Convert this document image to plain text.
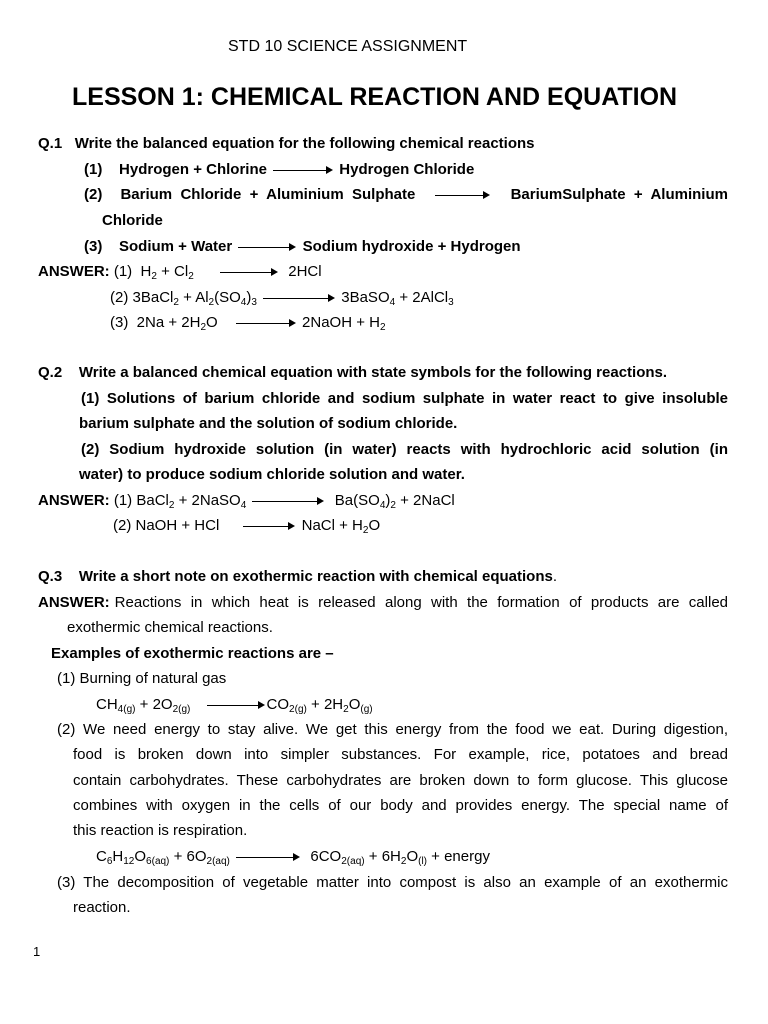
STD 10 SCIENCE ASSIGNMENT
LESSON 1: CHEMICAL REACTION AND EQUATION
Q.1 Write the balanced equation for the following chemical reactions
(1) Hydrogen + Chlorine	Hydrogen Chloride
(2) Barium  Chloride  +  Aluminium  Sulphate	BariumSulphate  +  Aluminium
Chloride
(3) Sodium + Water	Sodium hydroxide + Hydrogen
ANSWER: (1)  $H_2 + Cl_2$	2HCl
(2) 3BaCl$_2$ + $Al_2(SO_4)_3$	3BaSO$_4$ + 2AlCl$_3$
(3)  $2Na + 2H_2O$	2NaOH + $H_2$
Q.2 Write a balanced chemical equation with state symbols for the following reactions.
(1) Solutions of barium chloride and sodium sulphate in water react to give insoluble
barium sulphate and the solution of sodium chloride.
(2) Sodium hydroxide solution (in water) reacts with hydrochloric acid solution (in
water) to produce sodium chloride solution and water.
ANSWER: (1) BaCl$_2$ + 2NaSO$_4$	$Ba(SO_4)_2$ + 2NaCl
(2) NaOH + HCl	NaCl + $H_2O$
Q.3 Write a short note on exothermic reaction with chemical equations.
ANSWER: Reactions in which heat is released along with the formation of products are called
exothermic chemical reactions.
Examples of exothermic reactions are –
(1) Burning of natural gas
$CH_{4(g)} + 2O_{2(g)}$	$CO_{2(g)} + 2H_2O_{(g)}$
(2) We need energy to stay alive. We get this energy from the food we eat. During digestion,
food is broken down into simpler substances. For example, rice, potatoes and bread
contain carbohydrates. These carbohydrates are broken down to form glucose. This glucose
combines with oxygen in the cells of our body and provides energy. The special name of
this reaction is respiration.
$C_6H_{12}O_{6(aq)} + 6O_{2(aq)}$	$6CO_{2(aq)} + 6H_2O_{(l)}$ + energy
(3) The decomposition of vegetable matter into compost is also an example of an exothermic
reaction.
1
